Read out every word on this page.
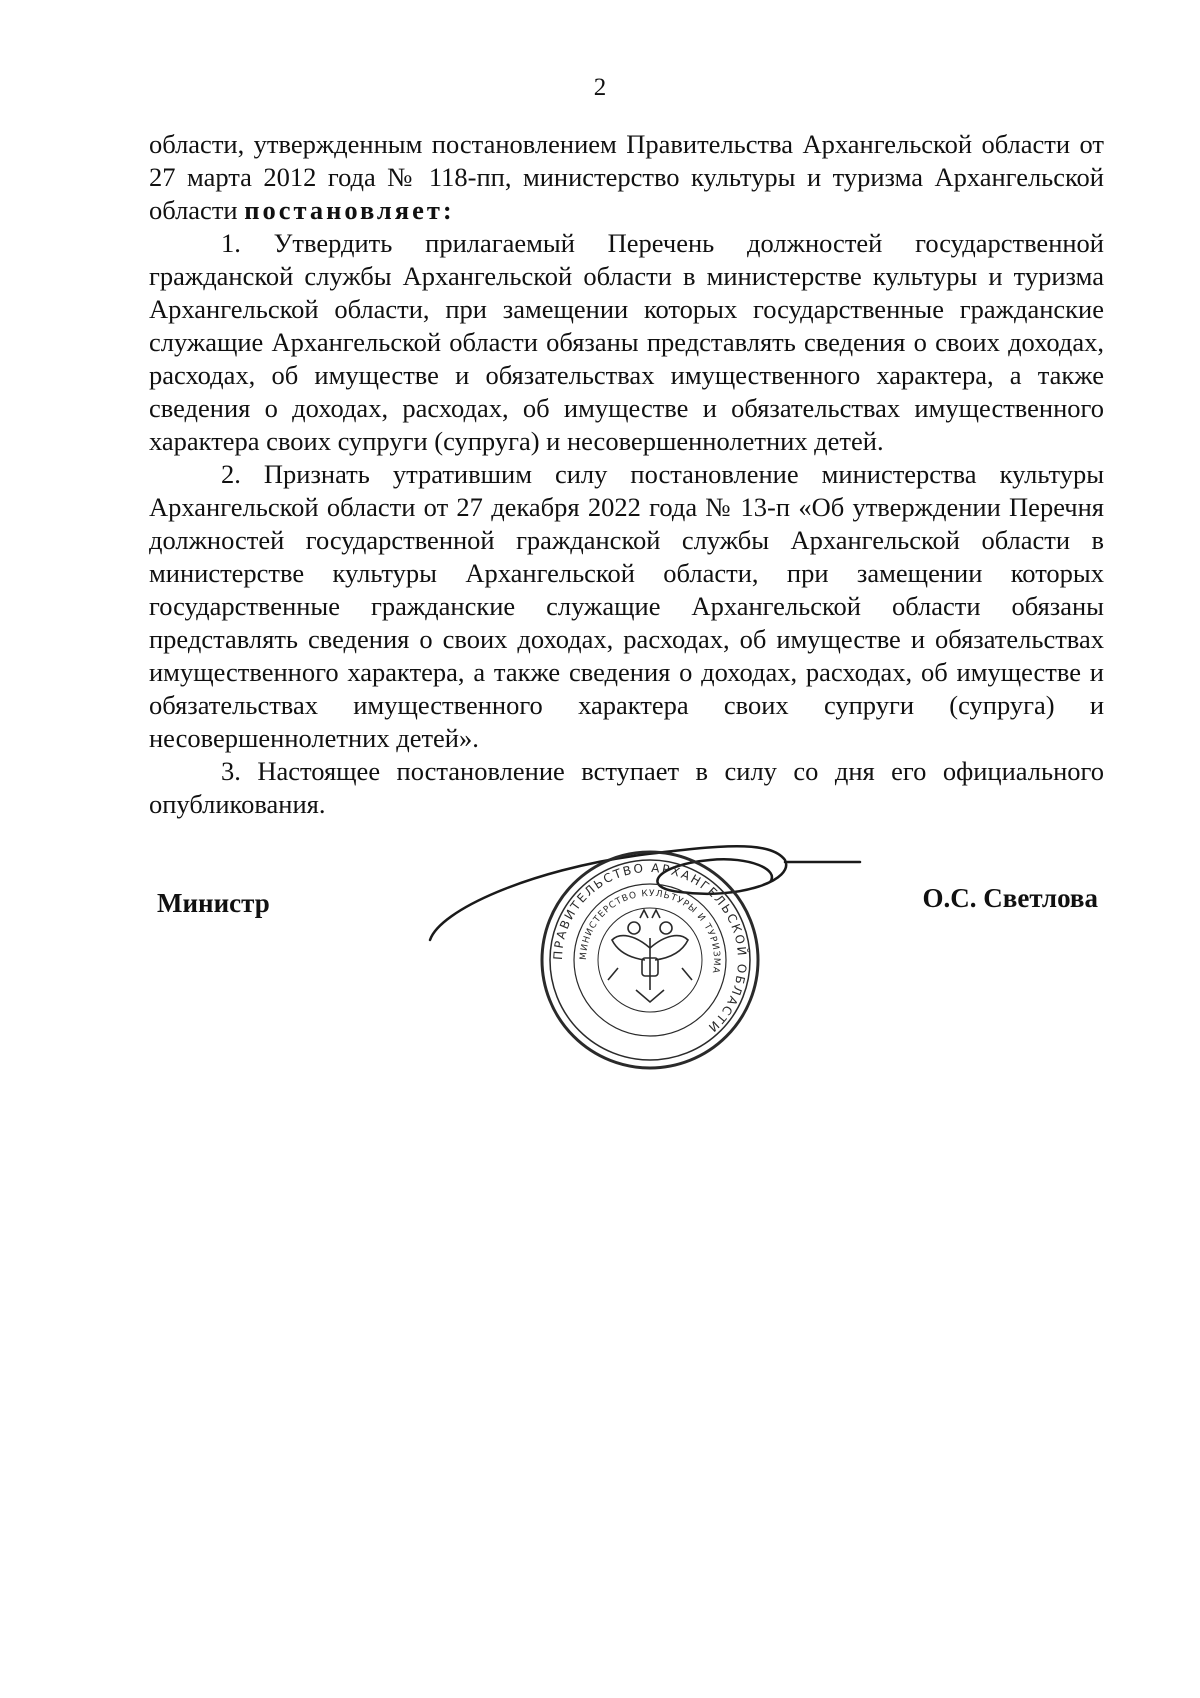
2

области, утвержденным постановлением Правительства Архангельской области от 27 марта 2012 года № 118-пп, министерство культуры и туризма Архангельской области постановляет:

1. Утвердить прилагаемый Перечень должностей государственной гражданской службы Архангельской области в министерстве культуры и туризма Архангельской области, при замещении которых государственные гражданские служащие Архангельской области обязаны представлять сведения о своих доходах, расходах, об имуществе и обязательствах имущественного характера, а также сведения о доходах, расходах, об имуществе и обязательствах имущественного характера своих супруги (супруга) и несовершеннолетних детей.

2. Признать утратившим силу постановление министерства культуры Архангельской области от 27 декабря 2022 года № 13-п «Об утверждении Перечня должностей государственной гражданской службы Архангельской области в министерстве культуры Архангельской области, при замещении которых государственные гражданские служащие Архангельской области обязаны представлять сведения о своих доходах, расходах, об имуществе и обязательствах имущественного характера, а также сведения о доходах, расходах, об имуществе и обязательствах имущественного характера своих супруги (супруга) и несовершеннолетних детей».

3. Настоящее постановление вступает в силу со дня его официального опубликования.

Министр	О.С. Светлова
ПРАВИТЕЛЬСТВО АРХАНГЕЛЬСКОЙ ОБЛАСТИ
МИНИСТЕРСТВО КУЛЬТУРЫ И ТУРИЗМА
